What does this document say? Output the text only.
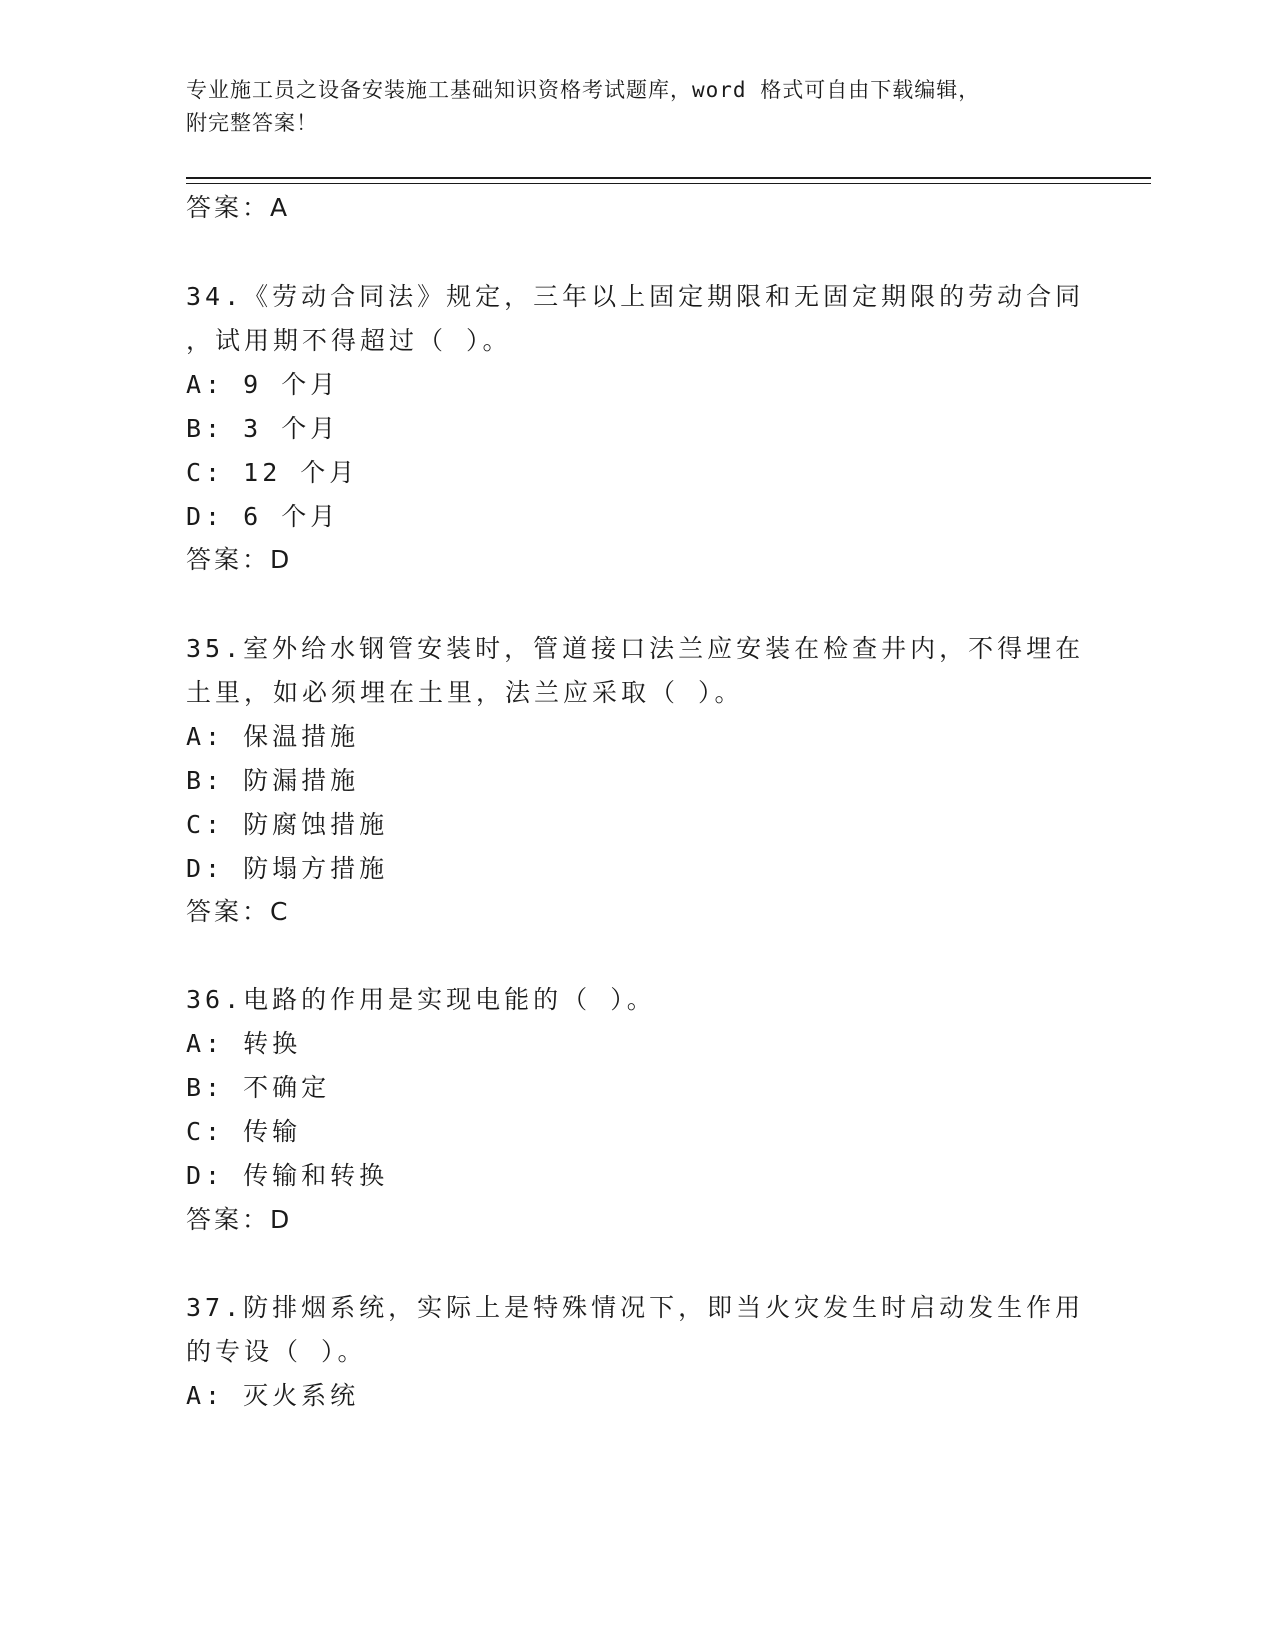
专业施工员之设备安装施工基础知识资格考试题库，word 格式可自由下载编辑，
附完整答案！
答案：A
34.《劳动合同法》规定，三年以上固定期限和无固定期限的劳动合同
，试用期不得超过（ ）。
A: 9 个月
B: 3 个月
C: 12 个月
D: 6 个月
答案：D
35.室外给水钢管安装时，管道接口法兰应安装在检查井内，不得埋在
土里，如必须埋在土里，法兰应采取（ ）。
A: 保温措施
B: 防漏措施
C: 防腐蚀措施
D: 防塌方措施
答案：C
36.电路的作用是实现电能的（ ）。
A: 转换
B: 不确定
C: 传输
D: 传输和转换
答案：D
37.防排烟系统，实际上是特殊情况下，即当火灾发生时启动发生作用
的专设（ ）。
A: 灭火系统
